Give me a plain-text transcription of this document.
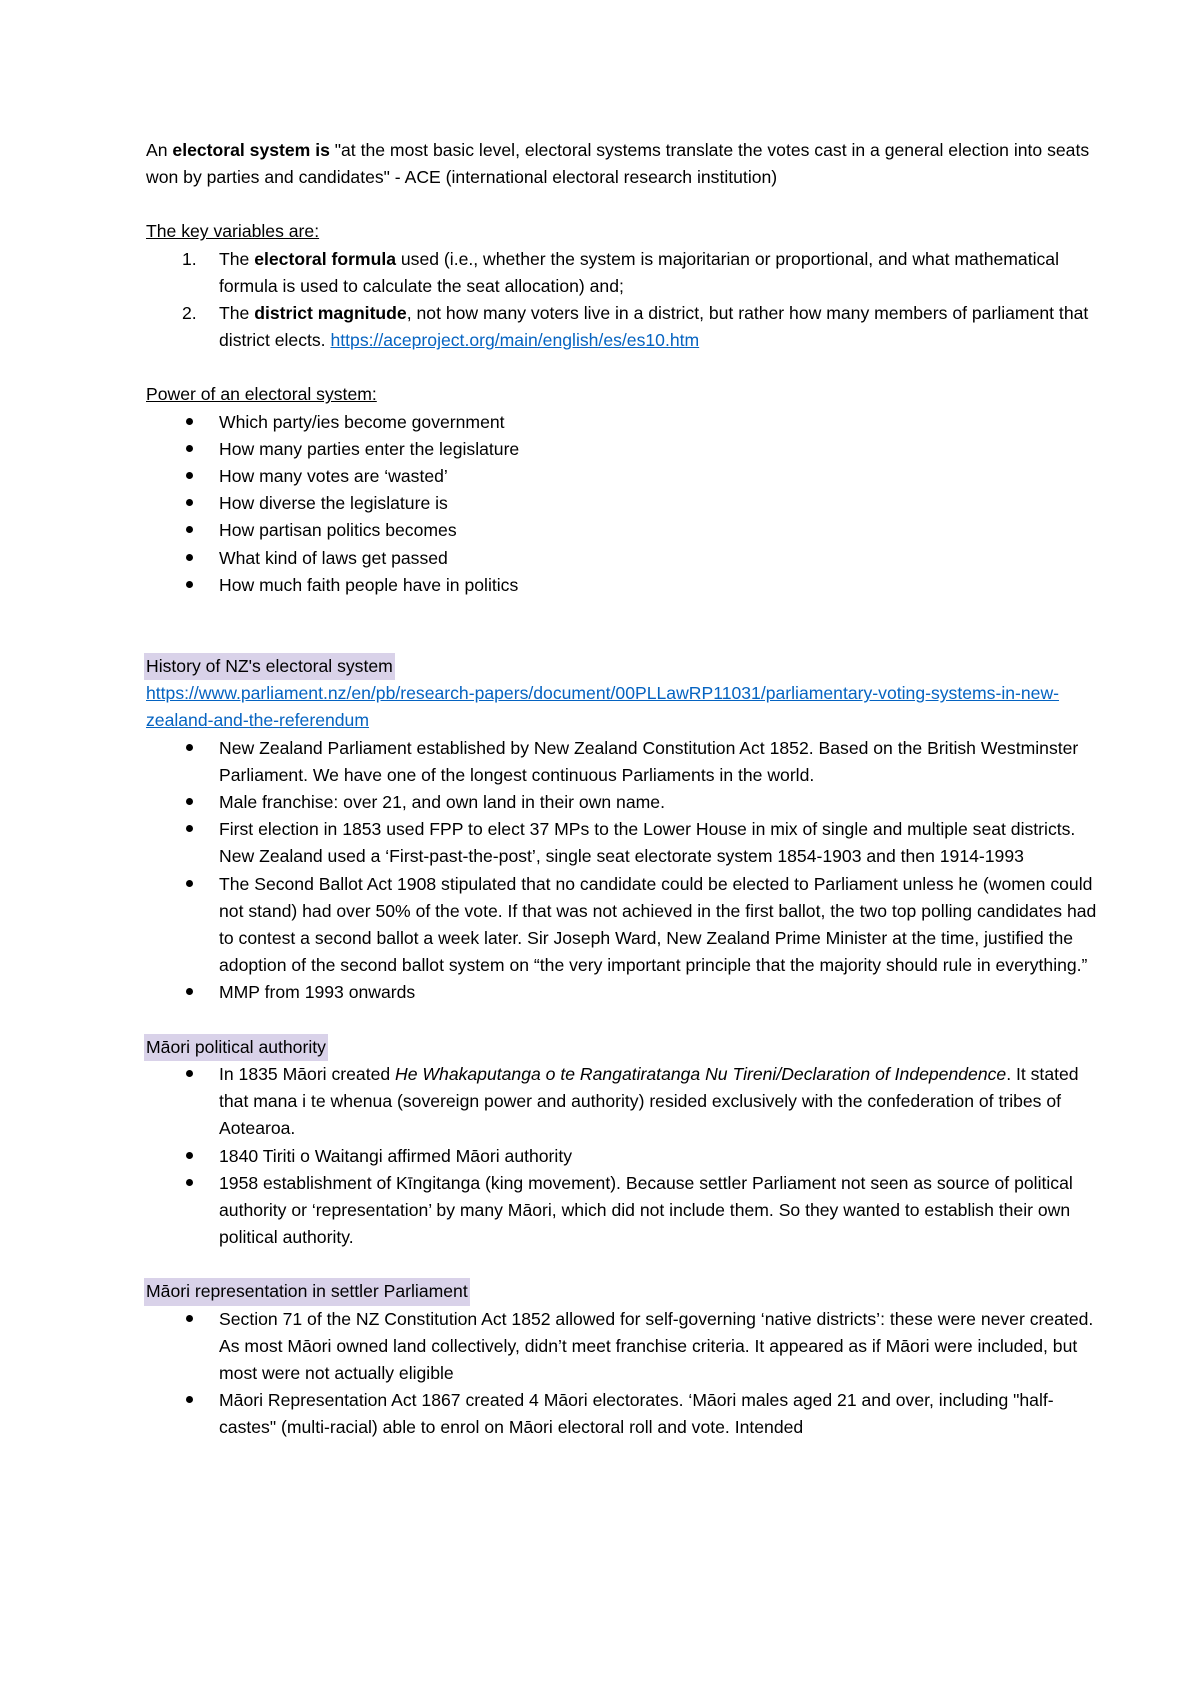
An electoral system is "at the most basic level, electoral systems translate the votes cast in a general election into seats won by parties and candidates" - ACE (international electoral research institution)

The key variables are:

1. The electoral formula used (i.e., whether the system is majoritarian or proportional, and what mathematical formula is used to calculate the seat allocation) and;
2. The district magnitude, not how many voters live in a district, but rather how many members of parliament that district elects. https://aceproject.org/main/english/es/es10.htm

Power of an electoral system:

Which party/ies become government
How many parties enter the legislature
How many votes are ‘wasted’
How diverse the legislature is
How partisan politics becomes
What kind of laws get passed
How much faith people have in politics

History of NZ's electoral system

https://www.parliament.nz/en/pb/research-papers/document/00PLLawRP11031/parliamentary-voting-systems-in-new-zealand-and-the-referendum

New Zealand Parliament established by New Zealand Constitution Act 1852. Based on the British Westminster Parliament. We have one of the longest continuous Parliaments in the world.
Male franchise: over 21, and own land in their own name.
First election in 1853 used FPP to elect 37 MPs to the Lower House in mix of single and multiple seat districts. New Zealand used a ‘First-past-the-post’, single seat electorate system 1854-1903 and then 1914-1993
The Second Ballot Act 1908 stipulated that no candidate could be elected to Parliament unless he (women could not stand) had over 50% of the vote. If that was not achieved in the first ballot, the two top polling candidates had to contest a second ballot a week later. Sir Joseph Ward, New Zealand Prime Minister at the time, justified the adoption of the second ballot system on “the very important principle that the majority should rule in everything.”
MMP from 1993 onwards

Māori political authority

In 1835 Māori created He Whakaputanga o te Rangatiratanga Nu Tireni/Declaration of Independence. It stated that mana i te whenua (sovereign power and authority) resided exclusively with the confederation of tribes of Aotearoa.
1840 Tiriti o Waitangi affirmed Māori authority
1958 establishment of Kīngitanga (king movement). Because settler Parliament not seen as source of political authority or ‘representation’ by many Māori, which did not include them. So they wanted to establish their own political authority.

Māori representation in settler Parliament

Section 71 of the NZ Constitution Act 1852 allowed for self-governing ‘native districts’: these were never created. As most Māori owned land collectively, didn’t meet franchise criteria. It appeared as if Māori were included, but most were not actually eligible
Māori Representation Act 1867 created 4 Māori electorates. ‘Māori males aged 21 and over, including "half-castes" (multi-racial) able to enrol on Māori electoral roll and vote. Intended
